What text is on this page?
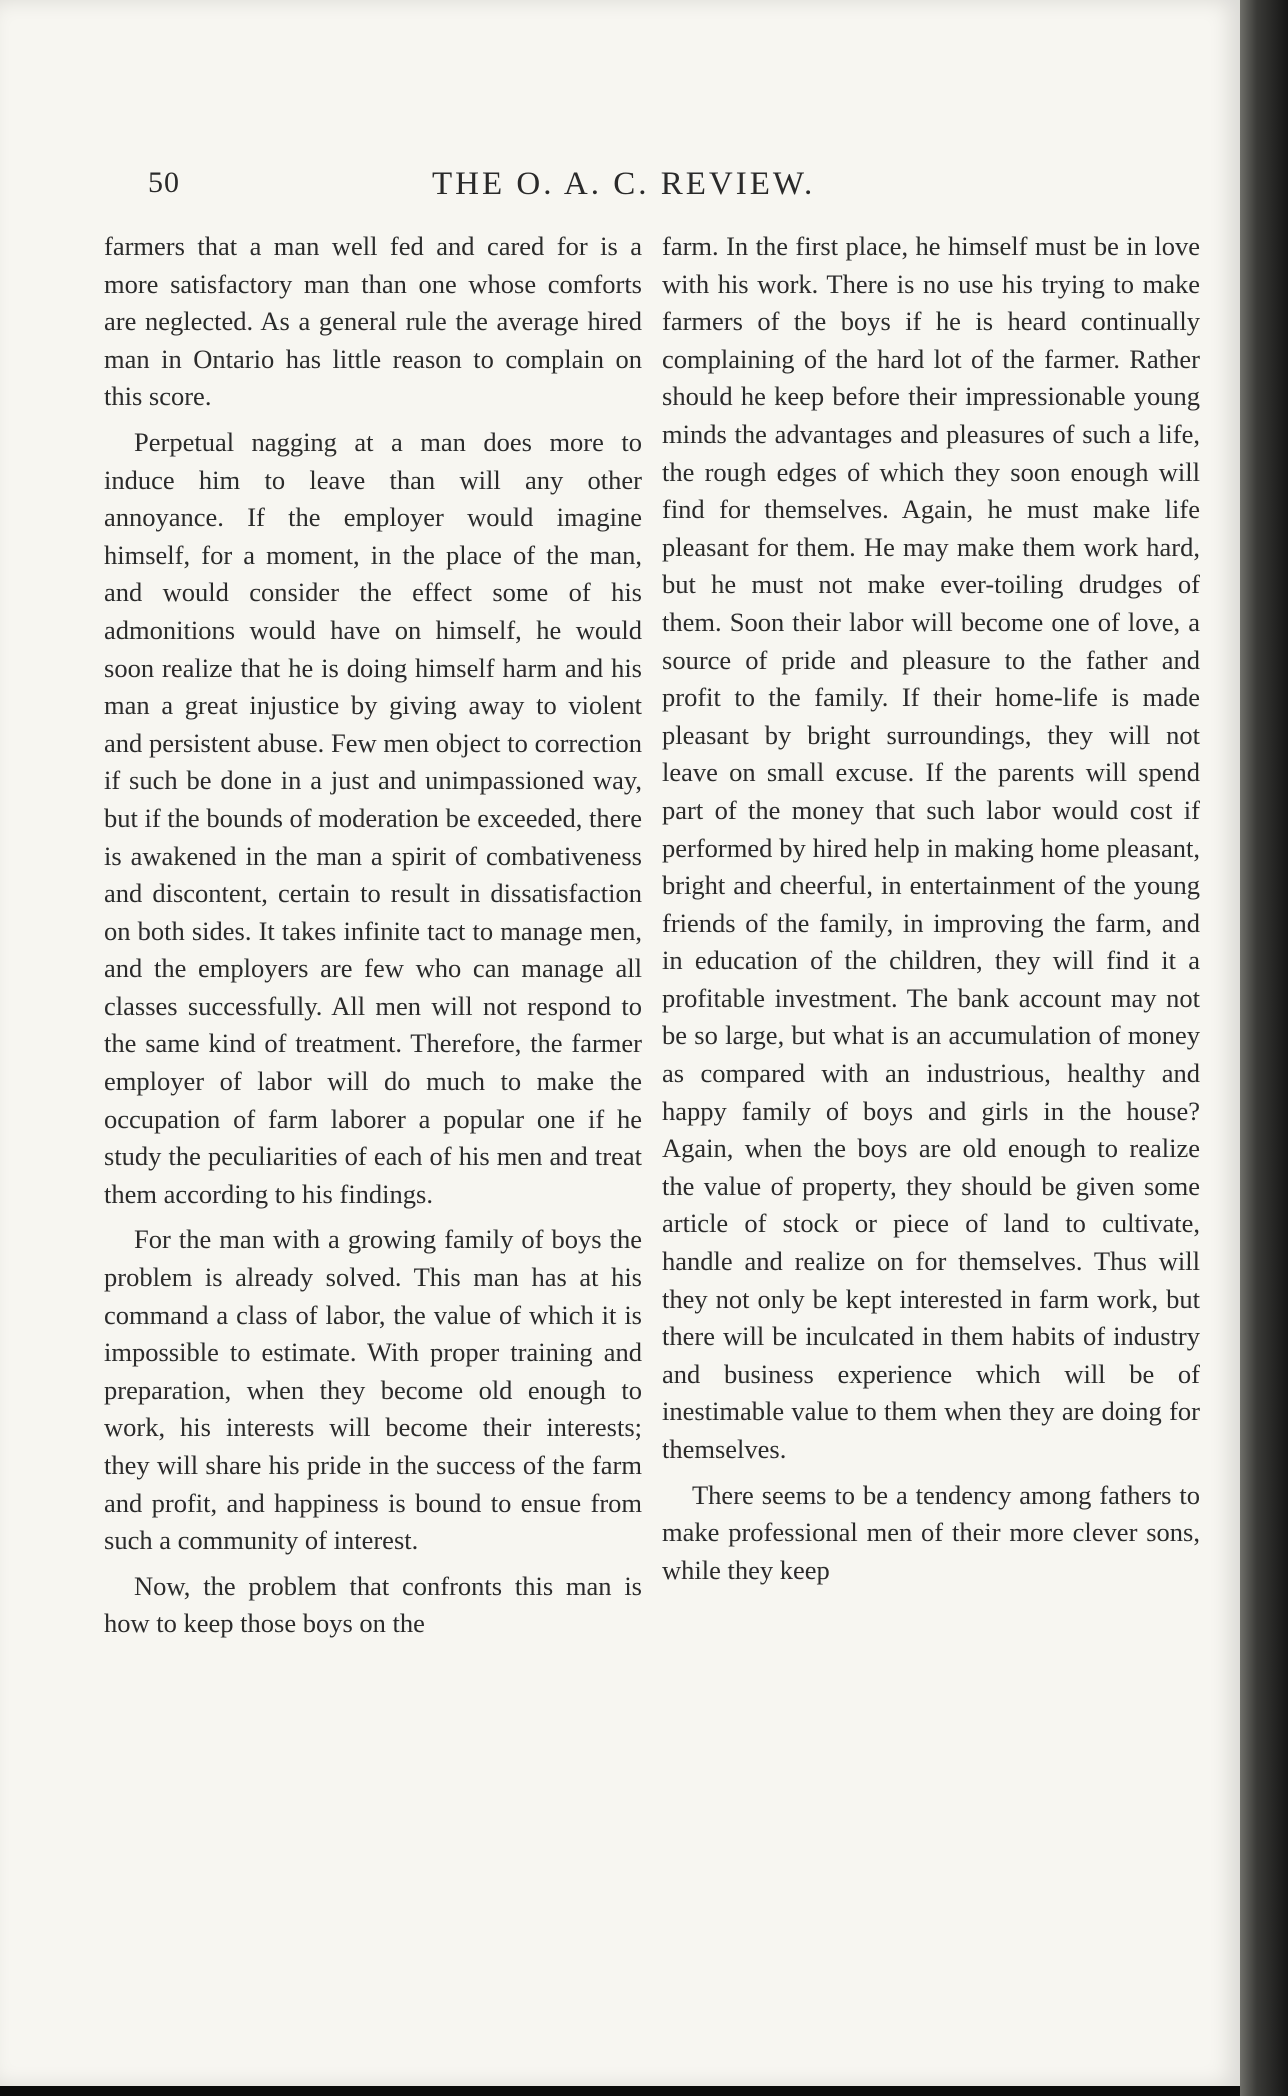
50	THE O. A. C. REVIEW.

farmers that a man well fed and cared for is a more satisfactory man than one whose comforts are neglected. As a general rule the average hired man in Ontario has little reason to complain on this score.

Perpetual nagging at a man does more to induce him to leave than will any other annoyance. If the employer would imagine himself, for a moment, in the place of the man, and would consider the effect some of his admonitions would have on himself, he would soon realize that he is doing himself harm and his man a great injustice by giving away to violent and persistent abuse. Few men object to correction if such be done in a just and unimpassioned way, but if the bounds of moderation be exceeded, there is awakened in the man a spirit of combativeness and discontent, certain to result in dissatisfaction on both sides. It takes infinite tact to manage men, and the employers are few who can manage all classes successfully. All men will not respond to the same kind of treatment. Therefore, the farmer employer of labor will do much to make the occupation of farm laborer a popular one if he study the peculiarities of each of his men and treat them according to his findings.

For the man with a growing family of boys the problem is already solved. This man has at his command a class of labor, the value of which it is impossible to estimate. With proper training and preparation, when they become old enough to work, his interests will become their interests; they will share his pride in the success of the farm and profit, and happiness is bound to ensue from such a community of interest.

Now, the problem that confronts this man is how to keep those boys on the

farm. In the first place, he himself must be in love with his work. There is no use his trying to make farmers of the boys if he is heard continually complaining of the hard lot of the farmer. Rather should he keep before their impressionable young minds the advantages and pleasures of such a life, the rough edges of which they soon enough will find for themselves. Again, he must make life pleasant for them. He may make them work hard, but he must not make ever-toiling drudges of them. Soon their labor will become one of love, a source of pride and pleasure to the father and profit to the family. If their home-life is made pleasant by bright surroundings, they will not leave on small excuse. If the parents will spend part of the money that such labor would cost if performed by hired help in making home pleasant, bright and cheerful, in entertainment of the young friends of the family, in improving the farm, and in education of the children, they will find it a profitable investment. The bank account may not be so large, but what is an accumulation of money as compared with an industrious, healthy and happy family of boys and girls in the house? Again, when the boys are old enough to realize the value of property, they should be given some article of stock or piece of land to cultivate, handle and realize on for themselves. Thus will they not only be kept interested in farm work, but there will be inculcated in them habits of industry and business experience which will be of inestimable value to them when they are doing for themselves.

There seems to be a tendency among fathers to make professional men of their more clever sons, while they keep
